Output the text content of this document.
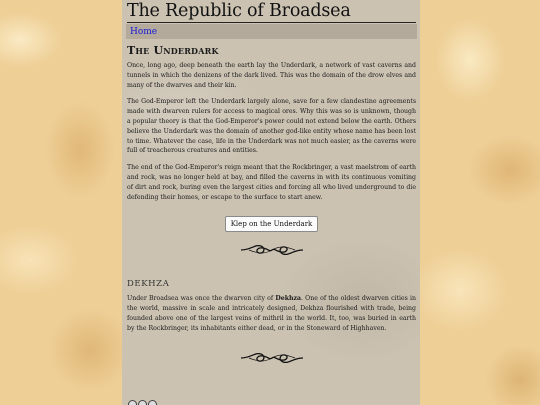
The Republic of Broadsea
Home
The Underdark

Once, long ago, deep beneath the earth lay the Underdark, a network of vast caverns and tunnels in which the denizens of the dark lived. This was the domain of the drow elves and many of the dwarves and their kin.

The God-Emperor left the Underdark largely alone, save for a few clandestine agreements made with dwarven rulers for access to magical ores. Why this was so is unknown, though a popular theory is that the God-Emperor's power could not extend below the earth. Others believe the Underdark was the domain of another god-like entity whose name has been lost to time. Whatever the case, life in the Underdark was not much easier, as the caverns were full of treacherous creatures and entities.

The end of the God-Emperor's reign meant that the Rockbringer, a vast maelstrom of earth and rock, was no longer held at bay, and filled the caverns in with its continuous vomiting of dirt and rock, buring even the largest cities and forcing all who lived underground to die defending their homes, or escape to the surface to start anew.

Klep on the Underdark
DEKHZA

Under Broadsea was once the dwarven city of Dekhza. One of the oldest dwarven cities in the world, massive in scale and intricately designed, Dekhza flourished with trade, being founded above one of the largest veins of mithril in the world. It, too, was buried in earth by the Rockbringer, its inhabitants either dead, or in the Stoneward of Highhaven.
